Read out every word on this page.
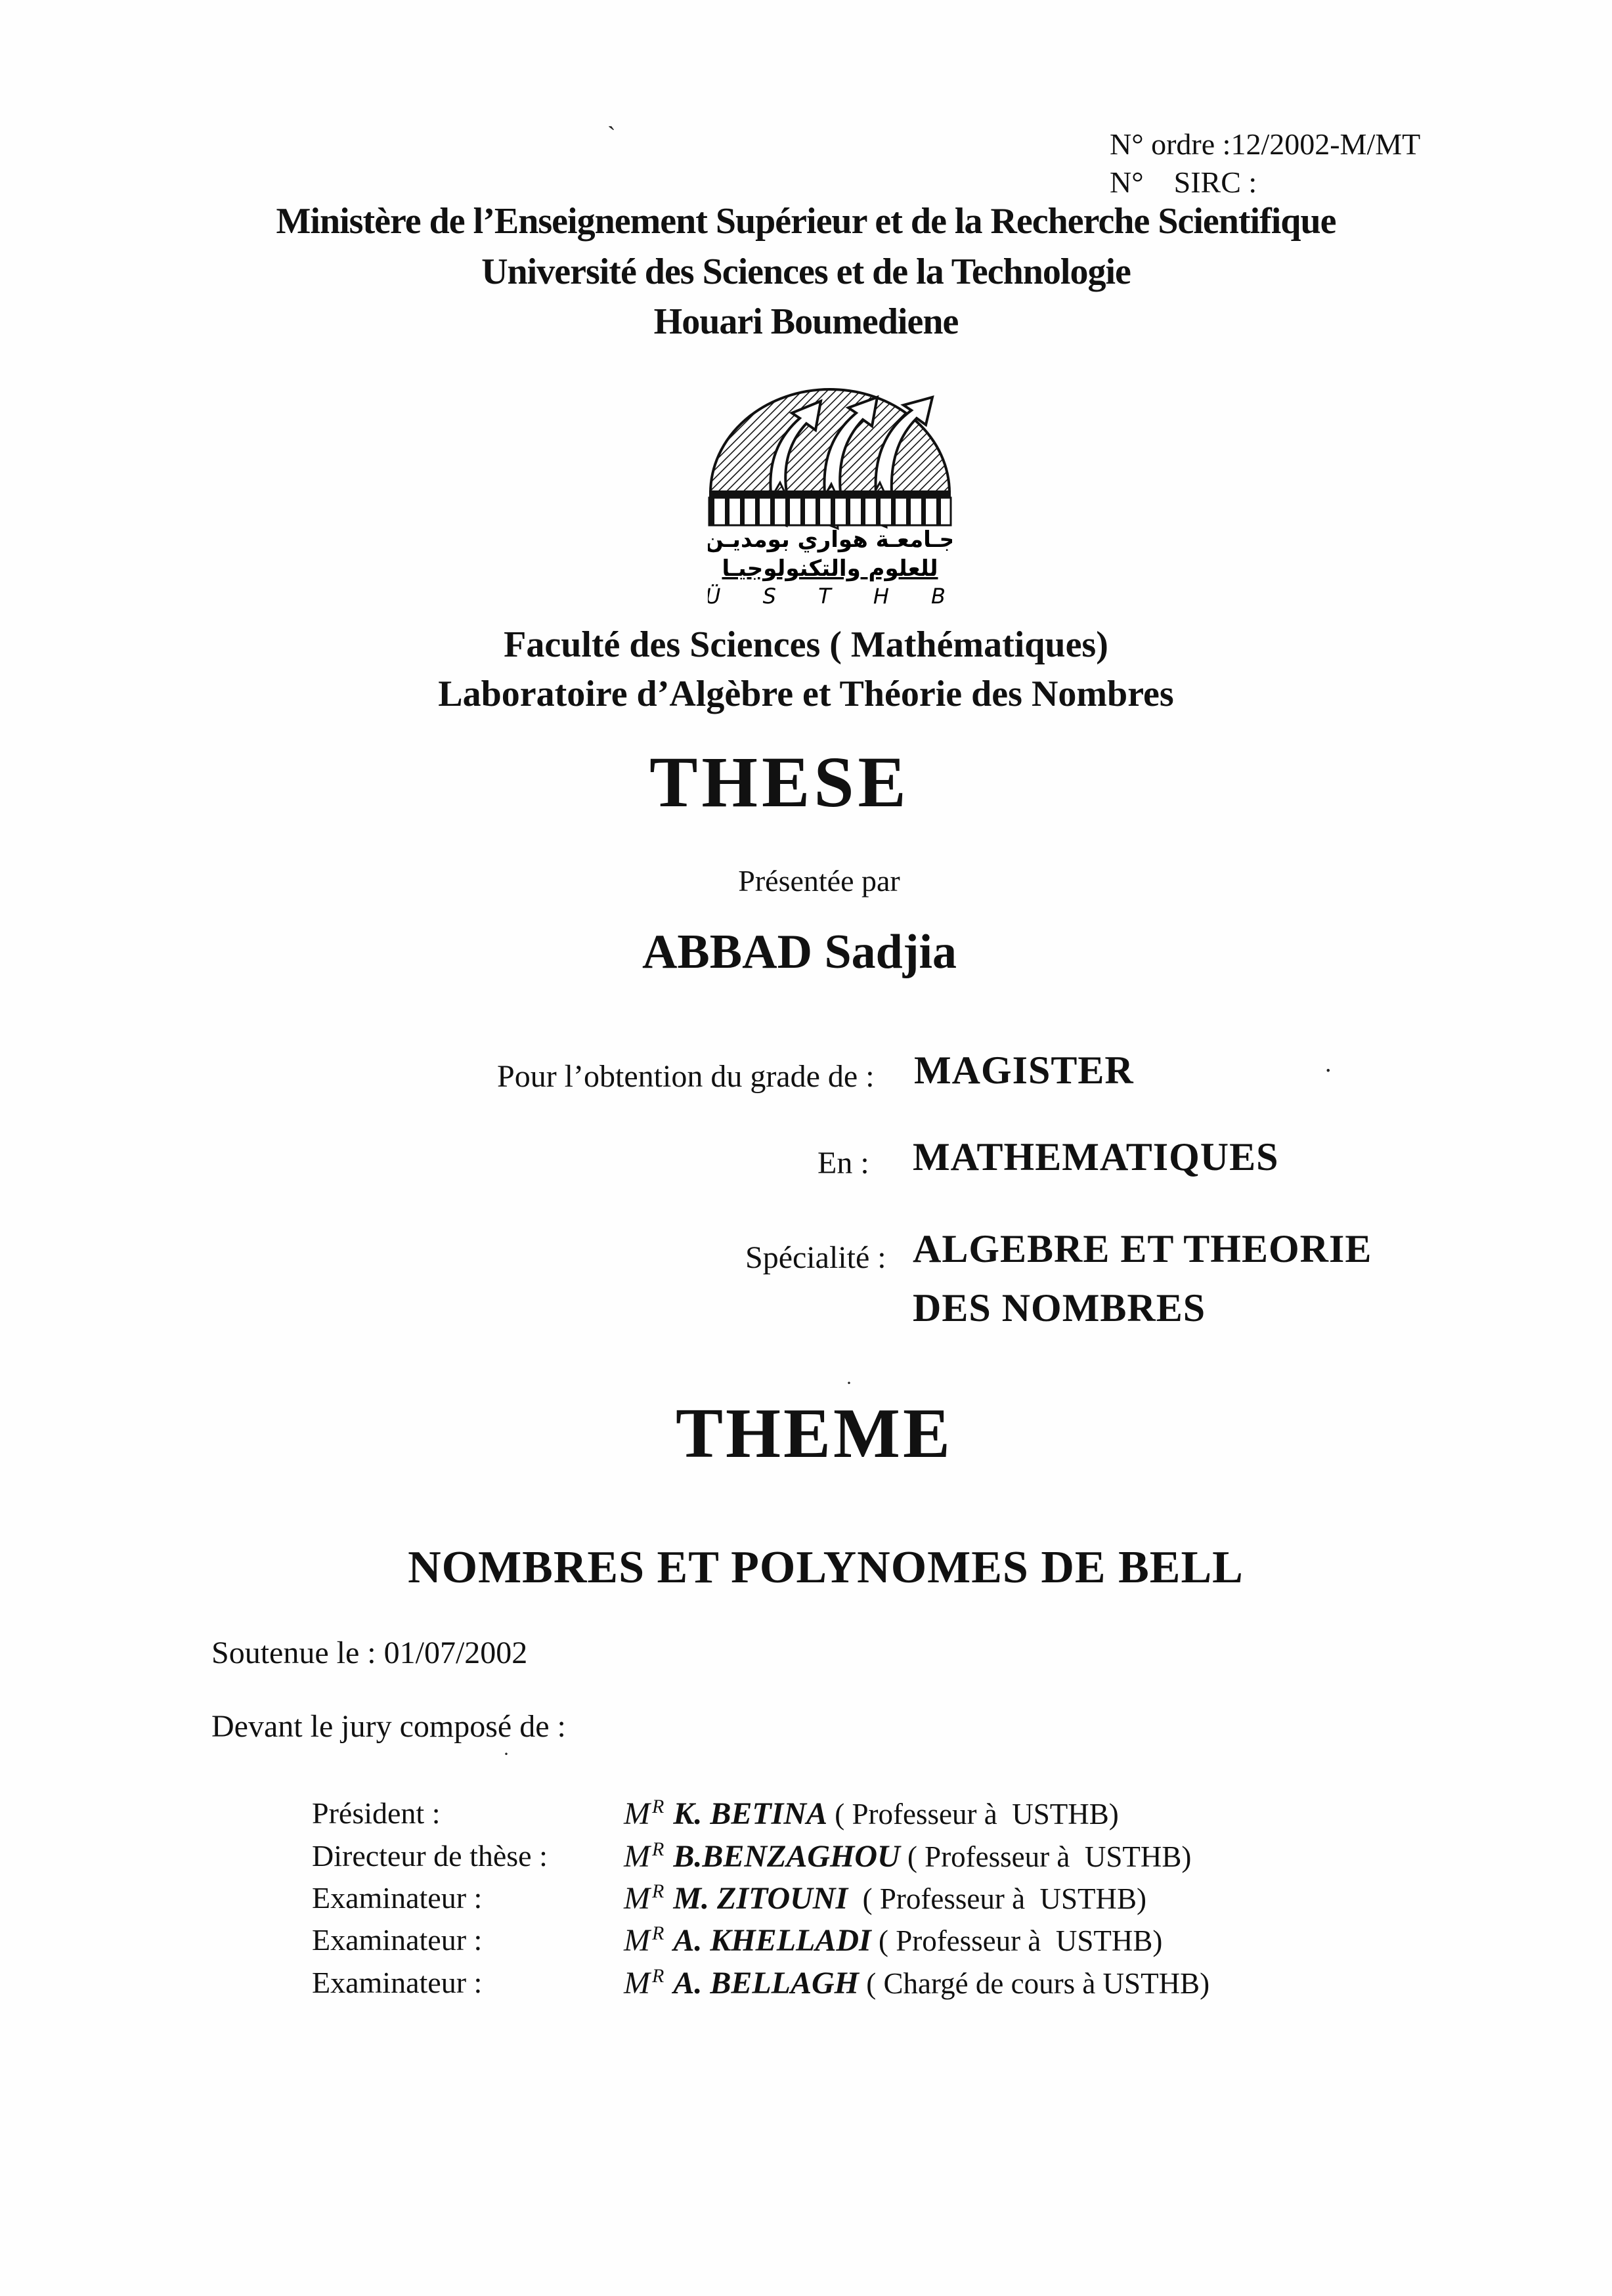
`
.
·
·
N° ordre :12/2002-M/MT
N°    SIRC :
Ministère de l’Enseignement Supérieur et de la Recherche Scientifique
Université des Sciences et de la Technologie
Houari Boumediene
جـامعـة هواري بومديـن
للعلوم والتكنولوجيـا
Ü S T H B
Faculté des Sciences ( Mathématiques)
Laboratoire d’Algèbre et Théorie des Nombres
THESE
Présentée par
ABBAD Sadjia
Pour l’obtention du grade de : MAGISTER
En : MATHEMATIQUES
Spécialité : ALGEBRE ET THEORIE
DES NOMBRES
THEME
NOMBRES ET POLYNOMES DE BELL
Soutenue le : 01/07/2002
Devant le jury composé de :
Président :	M $^R$ K. BETINA ( Professeur à  USTHB)
Directeur de thèse : M $^R$ B.BENZAGHOU ( Professeur à  USTHB)
Examinateur :	M $^R$ M. ZITOUNI  ( Professeur à  USTHB)
Examinateur :	M $^R$ A. KHELLADI ( Professeur à  USTHB)
Examinateur :	M $^R$ A. BELLAGH ( Chargé de cours à USTHB)
